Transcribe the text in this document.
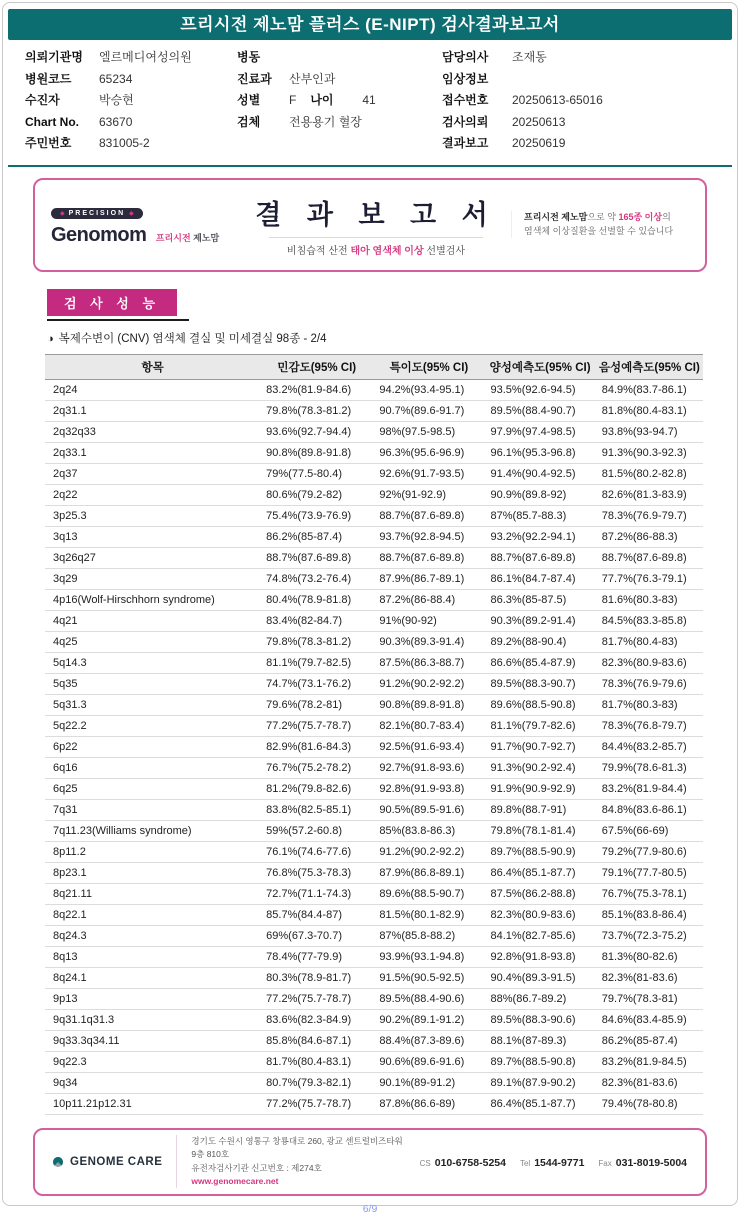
프리시전 제노맘 플러스 (E-NIPT) 검사결과보고서
의뢰기관명 엘르메디여성의원
병원코드 65234
수진자	박승현
Chart No. 63670
주민번호 831005-2
병동
진료과 산부인과
성별 F 나이 41
검체 전용용기 혈장
담당의사 조재동
임상정보
접수번호 20250613-65016
검사의뢰 20250613
결과보고 20250619
◆ PRECISION ◆
Genomom 프리시전 제노맘
결 과 보 고 서
비침습적 산전 태아 염색체 이상 선별검사
프리시전 제노맘으로 약 165종 이상의
염색체 이상질환을 선별할 수 있습니다
검 사 성 능
◑ 복제수변이 (CNV) 염색체 결실 및 미세결실 98종 - 2/4
항목	민감도(95% CI)	특이도(95% CI)	양성예측도(95% CI)	음성예측도(95% CI)
2q24	83.2%(81.9-84.6)	94.2%(93.4-95.1)	93.5%(92.6-94.5)	84.9%(83.7-86.1)
2q31.1	79.8%(78.3-81.2)	90.7%(89.6-91.7)	89.5%(88.4-90.7)	81.8%(80.4-83.1)
2q32q33	93.6%(92.7-94.4)	98%(97.5-98.5)	97.9%(97.4-98.5)	93.8%(93-94.7)
2q33.1	90.8%(89.8-91.8)	96.3%(95.6-96.9)	96.1%(95.3-96.8)	91.3%(90.3-92.3)
2q37	79%(77.5-80.4)	92.6%(91.7-93.5)	91.4%(90.4-92.5)	81.5%(80.2-82.8)
2q22	80.6%(79.2-82)	92%(91-92.9)	90.9%(89.8-92)	82.6%(81.3-83.9)
3p25.3	75.4%(73.9-76.9)	88.7%(87.6-89.8)	87%(85.7-88.3)	78.3%(76.9-79.7)
3q13	86.2%(85-87.4)	93.7%(92.8-94.5)	93.2%(92.2-94.1)	87.2%(86-88.3)
3q26q27	88.7%(87.6-89.8)	88.7%(87.6-89.8)	88.7%(87.6-89.8)	88.7%(87.6-89.8)
3q29	74.8%(73.2-76.4)	87.9%(86.7-89.1)	86.1%(84.7-87.4)	77.7%(76.3-79.1)
4p16(Wolf-Hirschhorn syndrome)	80.4%(78.9-81.8)	87.2%(86-88.4)	86.3%(85-87.5)	81.6%(80.3-83)
4q21	83.4%(82-84.7)	91%(90-92)	90.3%(89.2-91.4)	84.5%(83.3-85.8)
4q25	79.8%(78.3-81.2)	90.3%(89.3-91.4)	89.2%(88-90.4)	81.7%(80.4-83)
5q14.3	81.1%(79.7-82.5)	87.5%(86.3-88.7)	86.6%(85.4-87.9)	82.3%(80.9-83.6)
5q35	74.7%(73.1-76.2)	91.2%(90.2-92.2)	89.5%(88.3-90.7)	78.3%(76.9-79.6)
5q31.3	79.6%(78.2-81)	90.8%(89.8-91.8)	89.6%(88.5-90.8)	81.7%(80.3-83)
5q22.2	77.2%(75.7-78.7)	82.1%(80.7-83.4)	81.1%(79.7-82.6)	78.3%(76.8-79.7)
6p22	82.9%(81.6-84.3)	92.5%(91.6-93.4)	91.7%(90.7-92.7)	84.4%(83.2-85.7)
6q16	76.7%(75.2-78.2)	92.7%(91.8-93.6)	91.3%(90.2-92.4)	79.9%(78.6-81.3)
6q25	81.2%(79.8-82.6)	92.8%(91.9-93.8)	91.9%(90.9-92.9)	83.2%(81.9-84.4)
7q31	83.8%(82.5-85.1)	90.5%(89.5-91.6)	89.8%(88.7-91)	84.8%(83.6-86.1)
7q11.23(Williams syndrome)	59%(57.2-60.8)	85%(83.8-86.3)	79.8%(78.1-81.4)	67.5%(66-69)
8p11.2	76.1%(74.6-77.6)	91.2%(90.2-92.2)	89.7%(88.5-90.9)	79.2%(77.9-80.6)
8p23.1	76.8%(75.3-78.3)	87.9%(86.8-89.1)	86.4%(85.1-87.7)	79.1%(77.7-80.5)
8q21.11	72.7%(71.1-74.3)	89.6%(88.5-90.7)	87.5%(86.2-88.8)	76.7%(75.3-78.1)
8q22.1	85.7%(84.4-87)	81.5%(80.1-82.9)	82.3%(80.9-83.6)	85.1%(83.8-86.4)
8q24.3	69%(67.3-70.7)	87%(85.8-88.2)	84.1%(82.7-85.6)	73.7%(72.3-75.2)
8q13	78.4%(77-79.9)	93.9%(93.1-94.8)	92.8%(91.8-93.8)	81.3%(80-82.6)
8q24.1	80.3%(78.9-81.7)	91.5%(90.5-92.5)	90.4%(89.3-91.5)	82.3%(81-83.6)
9p13	77.2%(75.7-78.7)	89.5%(88.4-90.6)	88%(86.7-89.2)	79.7%(78.3-81)
9q31.1q31.3	83.6%(82.3-84.9)	90.2%(89.1-91.2)	89.5%(88.3-90.6)	84.6%(83.4-85.9)
9q33.3q34.11	85.8%(84.6-87.1)	88.4%(87.3-89.6)	88.1%(87-89.3)	86.2%(85-87.4)
9q22.3	81.7%(80.4-83.1)	90.6%(89.6-91.6)	89.7%(88.5-90.8)	83.2%(81.9-84.5)
9q34	80.7%(79.3-82.1)	90.1%(89-91.2)	89.1%(87.9-90.2)	82.3%(81-83.6)
10p11.21p12.31	77.2%(75.7-78.7)	87.8%(86.6-89)	86.4%(85.1-87.7)	79.4%(78-80.8)
GENOME CARE
경기도 수원시 영통구 창룡대로 260, 광교 센트럴비즈타워 9층 810호
유전자검사기관 신고번호 : 제274호
www.genomecare.net
CS 010-6758-5254 Tel 1544-9771 Fax 031-8019-5004
6/9
